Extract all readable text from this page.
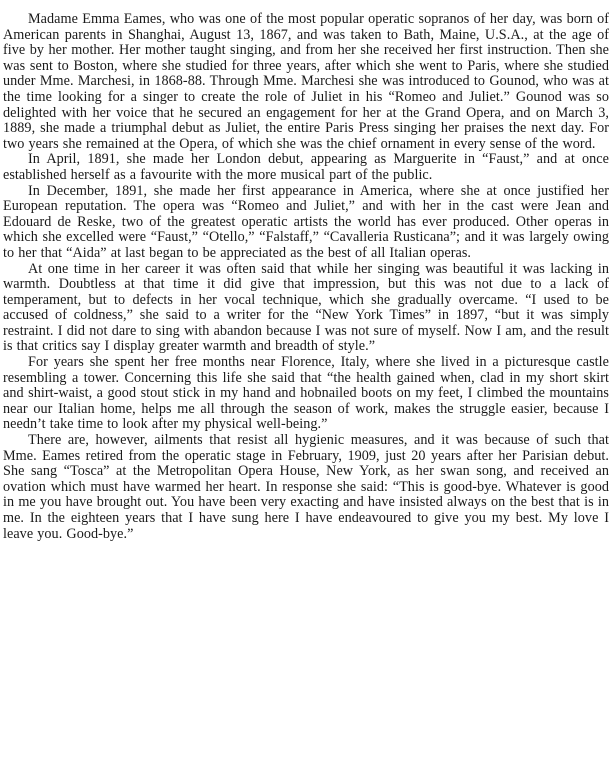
Madame Emma Eames, who was one of the most popular operatic sopranos of her day, was born of American parents in Shanghai, August 13, 1867, and was taken to Bath, Maine, U.S.A., at the age of five by her mother. Her mother taught singing, and from her she received her first instruction. Then she was sent to Boston, where she studied for three years, after which she went to Paris, where she studied under Mme. Marchesi, in 1868-88. Through Mme. Marchesi she was introduced to Gounod, who was at the time looking for a singer to create the role of Juliet in his “Romeo and Juliet.” Gounod was so delighted with her voice that he secured an engagement for her at the Grand Opera, and on March 3, 1889, she made a triumphal debut as Juliet, the entire Paris Press singing her praises the next day. For two years she remained at the Opera, of which she was the chief ornament in every sense of the word.

In April, 1891, she made her London debut, appearing as Marguerite in “Faust,” and at once established herself as a favourite with the more musical part of the public.

In December, 1891, she made her first appearance in America, where she at once justified her European reputation. The opera was “Romeo and Juliet,” and with her in the cast were Jean and Edouard de Reske, two of the greatest operatic artists the world has ever produced. Other operas in which she excelled were “Faust,” “Otello,” “Falstaff,” “Cavalleria Rusticana”; and it was largely owing to her that “Aida” at last began to be appreciated as the best of all Italian operas.

At one time in her career it was often said that while her singing was beautiful it was lacking in warmth. Doubtless at that time it did give that impression, but this was not due to a lack of temperament, but to defects in her vocal technique, which she gradually overcame. “I used to be accused of coldness,” she said to a writer for the “New York Times” in 1897, “but it was simply restraint. I did not dare to sing with abandon because I was not sure of myself. Now I am, and the result is that critics say I display greater warmth and breadth of style.”

For years she spent her free months near Florence, Italy, where she lived in a picturesque castle resembling a tower. Concerning this life she said that “the health gained when, clad in my short skirt and shirt-waist, a good stout stick in my hand and hobnailed boots on my feet, I climbed the mountains near our Italian home, helps me all through the season of work, makes the struggle easier, because I needn’t take time to look after my physical well-being.”

There are, however, ailments that resist all hygienic measures, and it was because of such that Mme. Eames retired from the operatic stage in February, 1909, just 20 years after her Parisian debut. She sang “Tosca” at the Metropolitan Opera House, New York, as her swan song, and received an ovation which must have warmed her heart. In response she said: “This is good-bye. Whatever is good in me you have brought out. You have been very exacting and have insisted always on the best that is in me. In the eighteen years that I have sung here I have endeavoured to give you my best. My love I leave you. Good-bye.”
